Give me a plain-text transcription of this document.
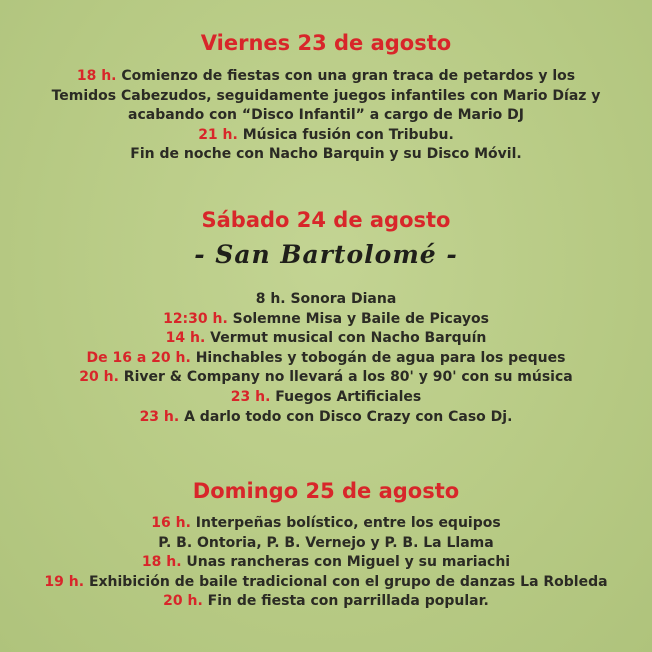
Viernes 23 de agosto
18 h. Comienzo de fiestas con una gran traca de petardos y los
Temidos Cabezudos, seguidamente juegos infantiles con Mario Díaz y
acabando con “Disco Infantil” a cargo de Mario DJ
21 h. Música fusión con Tribubu.
Fin de noche con Nacho Barquin y su Disco Móvil.
Sábado 24 de agosto
- San Bartolomé -
8 h. Sonora Diana
12:30 h. Solemne Misa y Baile de Picayos
14 h. Vermut musical con Nacho Barquín
De 16 a 20 h. Hinchables y tobogán de agua para los peques
20 h. River & Company no llevará a los 80' y 90' con su música
23 h. Fuegos Artificiales
23 h. A darlo todo con Disco Crazy con Caso Dj.
Domingo 25 de agosto
16 h. Interpeñas bolístico, entre los equipos
P. B. Ontoria, P. B. Vernejo y P. B. La Llama
18 h. Unas rancheras con Miguel y su mariachi
19 h. Exhibición de baile tradicional con el grupo de danzas La Robleda
20 h. Fin de fiesta con parrillada popular.
